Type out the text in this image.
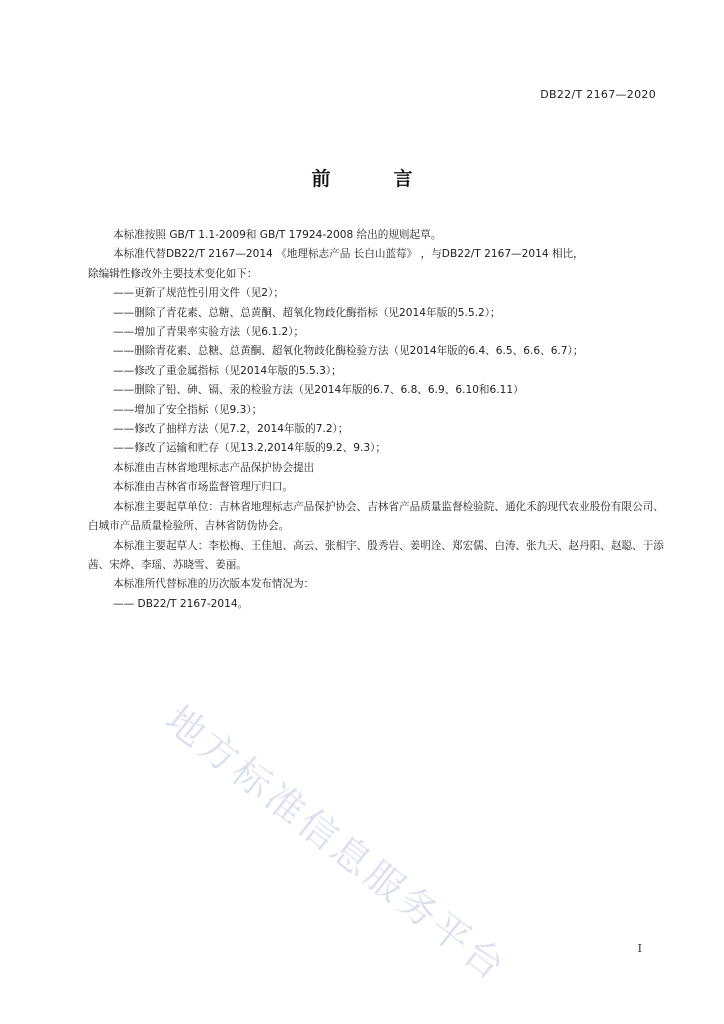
DB22/T 2167—2020
前　言
本标准按照 GB/T 1.1-2009和 GB/T 17924-2008 给出的规则起草。
本标准代替DB22/T 2167—2014 《地理标志产品 长白山蓝莓》 ，与DB22/T 2167—2014 相比，
除编辑性修改外主要技术变化如下：
——更新了规范性引用文件（见2）；
——删除了青花素、总糖、总黄酮、超氧化物歧化酶指标（见2014年版的5.5.2）；
——增加了青果率实验方法（见6.1.2）；
——删除青花素、总糖、总黄酮、超氧化物歧化酶检验方法（见2014年版的6.4、6.5、6.6、6.7）；
——修改了重金属指标（见2014年版的5.5.3）；
——删除了铅、砷、镉、汞的检验方法（见2014年版的6.7、6.8、6.9、6.10和6.11）
——增加了安全指标（见9.3）；
——修改了抽样方法（见7.2，2014年版的7.2）；
——修改了运输和贮存（见13.2,2014年版的9.2、9.3）；
本标准由吉林省地理标志产品保护协会提出
本标准由吉林省市场监督管理厅归口。
本标准主要起草单位：吉林省地理标志产品保护协会、吉林省产品质量监督检验院、通化禾韵现代农业股份有限公司、白城市产品质量检验所、吉林省防伪协会。
本标准主要起草人：李松梅、王佳旭、高云、张相宇、殷秀岩、姜明诠、郑宏儒、白涛、张九天、赵丹阳、赵聪、于添茜、宋烨、李瑶、苏晓雪、姜丽。
本标准所代替标准的历次版本发布情况为：
—— DB22/T 2167-2014。
地方标准信息服务平台	I
